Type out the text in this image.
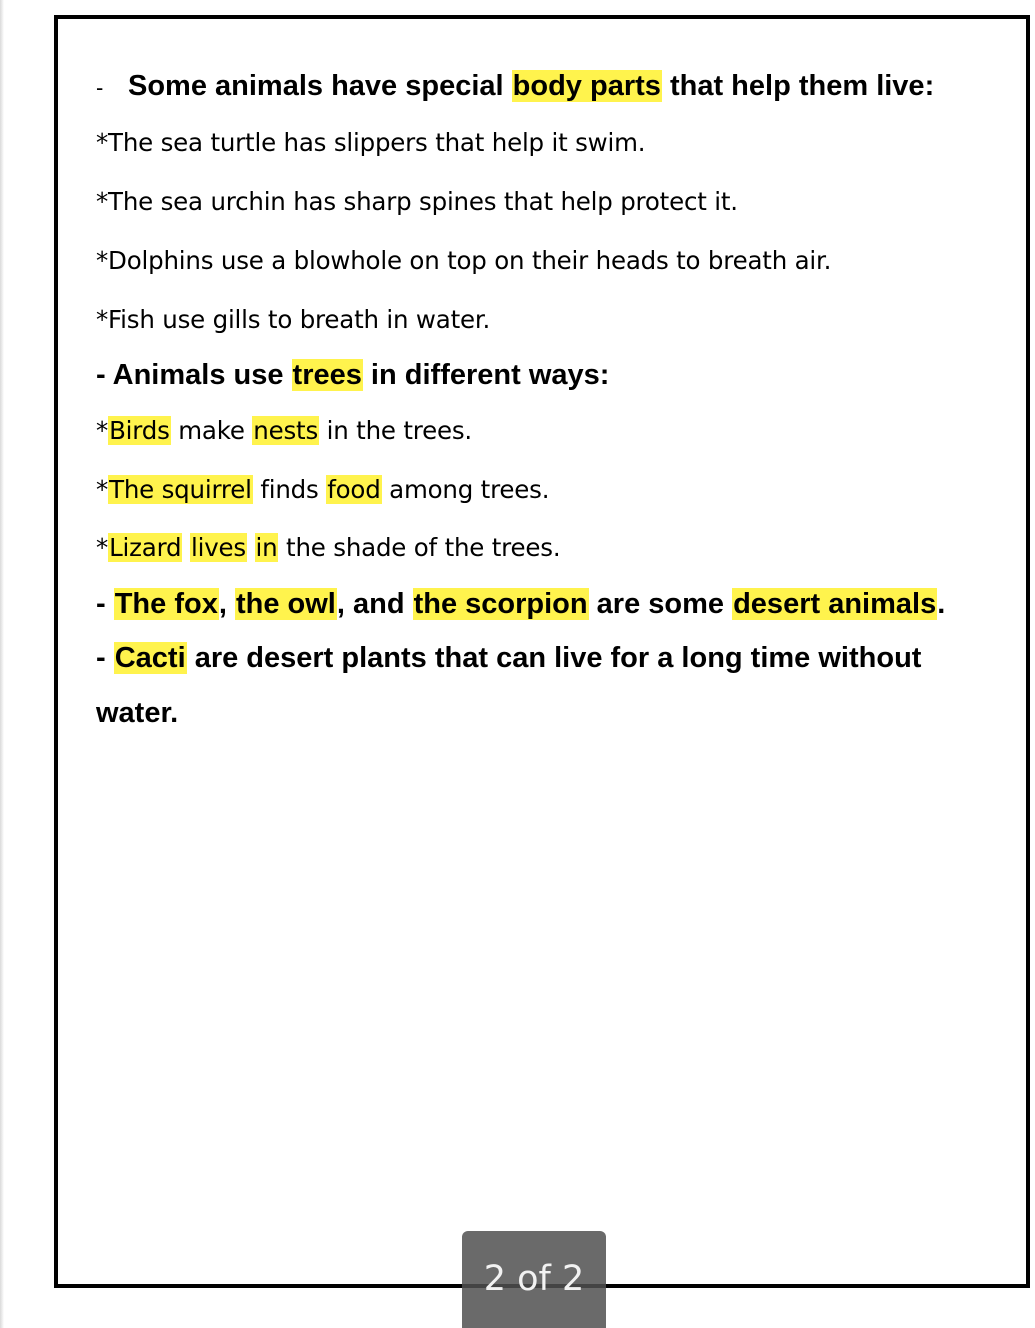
-Some animals have special body parts that help them live:
*The sea turtle has slippers that help it swim.
*The sea urchin has sharp spines that help protect it.
*Dolphins use a blowhole on top on their heads to breath air.
*Fish use gills to breath in water.
- Animals use trees in different ways:
*Birds make nests in the trees.
*The squirrel finds food among trees.
*Lizard lives in the shade of the trees.
- The fox, the owl, and the scorpion are some desert animals.
- Cacti are desert plants that can live for a long time without
water.
2 of 2
